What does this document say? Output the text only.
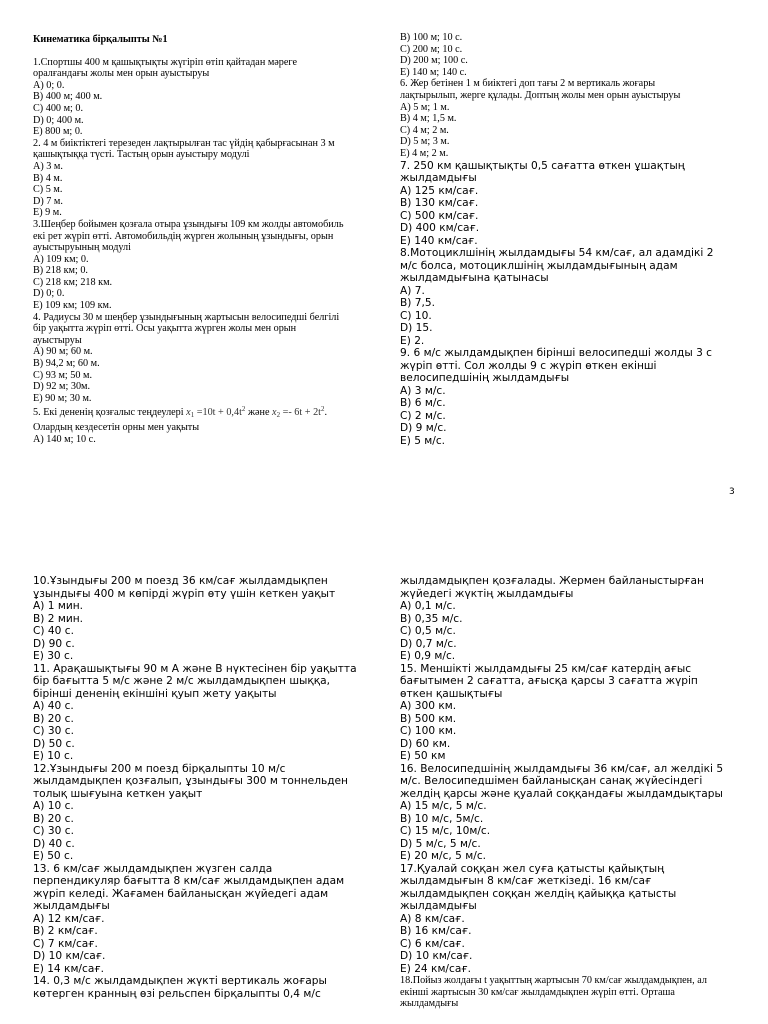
Кинематика бірқалыпты №1
1.Спортшы 400 м қашықтықты жүгіріп өтіп қайтадан мәреге
оралғандағы жолы мен орын ауыстыруы
А) 0; 0.
B) 400 м; 400 м.
C) 400 м; 0.
D) 0; 400 м.
E) 800 м; 0.
2. 4 м биіктіктегі терезеден лақтырылған тас үйдің қабырғасынан 3 м
қашықтыққа түсті. Тастың орын ауыстыру модулі
А) 3 м.
B) 4 м.
C) 5 м.
D) 7 м.
E) 9 м.
3.Шеңбер бойымен қозғала отыра ұзындығы 109 км жолды автомобиль
екі рет жүріп өтті. Автомобильдің жүрген жолының ұзындығы, орын
ауыстыруының модулі
А) 109 км; 0.
B) 218 км; 0.
C) 218 км; 218 км.
D) 0; 0.
E) 109 км; 109 км.
4. Радиусы 30 м шеңбер ұзындығының жартысын велосипедші белгілі
бір уақытта жүріп өтті. Осы уақытта жүрген жолы мен орын
ауыстыруы
А) 90 м; 60 м.
B) 94,2 м; 60 м.
C) 93 м; 50 м.
D) 92 м; 30м.
E) 90 м; 30 м.
5. Екі дененің қозғалыс теңдеулері $x1 =10t + 0,4t^2$ және $x2 =- 6t + 2t^2$.
Олардың кездесетін орны мен уақыты
А) 140 м; 10 с.
B) 100 м; 10 с.
C) 200 м; 10 с.
D) 200 м; 100 с.
E) 140 м; 140 с.
6. Жер бетінен 1 м биіктегі доп тағы 2 м вертикаль жоғары
лақтырылып, жерге құлады. Доптың жолы мен орын ауыстыруы
А) 5 м; 1 м.
B) 4 м; 1,5 м.
C) 4 м; 2 м.
D) 5 м; 3 м.
E) 4 м; 2 м.
7. 250 км қашықтықты 0,5 сағатта өткен ұшақтың
жылдамдығы
А) 125 км/сағ.
B) 130 км/сағ.
C) 500 км/сағ.
D) 400 км/сағ.
E) 140 км/сағ.
8.Мотоциклшінің жылдамдығы 54 км/сағ, ал адамдікі 2
м/с болса, мотоциклшінің жылдамдығының адам
жылдамдығына қатынасы
А) 7.
B) 7,5.
C) 10.
D) 15.
E) 2.
9. 6 м/с жылдамдықпен бірінші велосипедші жолды 3 с
жүріп өтті. Сол жолды 9 с жүріп өткен екінші
велосипедшінің жылдамдығы
А) 3 м/с.
B) 6 м/с.
C) 2 м/с.
D) 9 м/с.
E) 5 м/с.
3
10.Ұзындығы 200 м поезд 36 км/сағ жылдамдықпен
ұзындығы 400 м көпірді жүріп өту үшін кеткен уақыт
А) 1 мин.
B) 2 мин.
C) 40 с.
D) 90 с.
E) 30 с.
11. Арақашықтығы 90 м А және В нүктесінен бір уақытта
бір бағытта 5 м/с және 2 м/с жылдамдықпен шыққа,
бірінші дененің екіншіні қуып жету уақыты
А) 40 с.
B) 20 с.
C) 30 с.
D) 50 с.
E) 10 с.
12.Ұзындығы 200 м поезд бірқалыпты 10 м/с
жылдамдықпен қозғалып, ұзындығы 300 м тоннельден
толық шығуына кеткен уақыт
А) 10 с.
B) 20 с.
C) 30 с.
D) 40 с.
E) 50 с.
13. 6 км/сағ жылдамдықпен жүзген салда
перпендикуляр бағытта 8 км/сағ жылдамдықпен адам
жүріп келеді. Жағамен байланысқан жүйедегі адам
жылдамдығы
А) 12 км/сағ.
B) 2 км/сағ.
C) 7 км/сағ.
D) 10 км/сағ.
E) 14 км/сағ.
14. 0,3 м/с жылдамдықпен жүкті вертикаль жоғары
көтерген кранның өзі рельспен бірқалыпты 0,4 м/с
жылдамдықпен қозғалады. Жермен байланыстырған
жүйедегі жүктің жылдамдығы
А) 0,1 м/с.
B) 0,35 м/с.
C) 0,5 м/с.
D) 0,7 м/с.
E) 0,9 м/с.
15. Меншікті жылдамдығы 25 км/сағ катердің ағыс
бағытымен 2 сағатта, ағысқа қарсы 3 сағатта жүріп
өткен қашықтығы
А) 300 км.
B) 500 км.
C) 100 км.
D) 60 км.
E) 50 км
16. Велосипедшінің жылдамдығы 36 км/сағ, ал желдікі 5
м/с. Велосипедшімен байланысқан санақ жүйесіндегі
желдің қарсы және қуалай соққандағы жылдамдықтары
А) 15 м/с, 5 м/с.
B) 10 м/с, 5м/с.
C) 15 м/с, 10м/с.
D) 5 м/с, 5 м/с.
E) 20 м/с, 5 м/с.
17.Қуалай соққан жел суға қатысты қайықтың
жылдамдығын 8 км/сағ жеткізеді. 16 км/сағ
жылдамдықпен соққан желдің қайыққа қатысты
жылдамдығы
А) 8 км/сағ.
B) 16 км/сағ.
C) 6 км/сағ.
D) 10 км/сағ.
E) 24 км/сағ.
18.Пойыз жолдағы t уақыттың жартысын 70 км/сағ жылдамдықпен, ал
екінші жартысын 30 км/сағ жылдамдықпен жүріп өтті. Орташа
жылдамдығы
